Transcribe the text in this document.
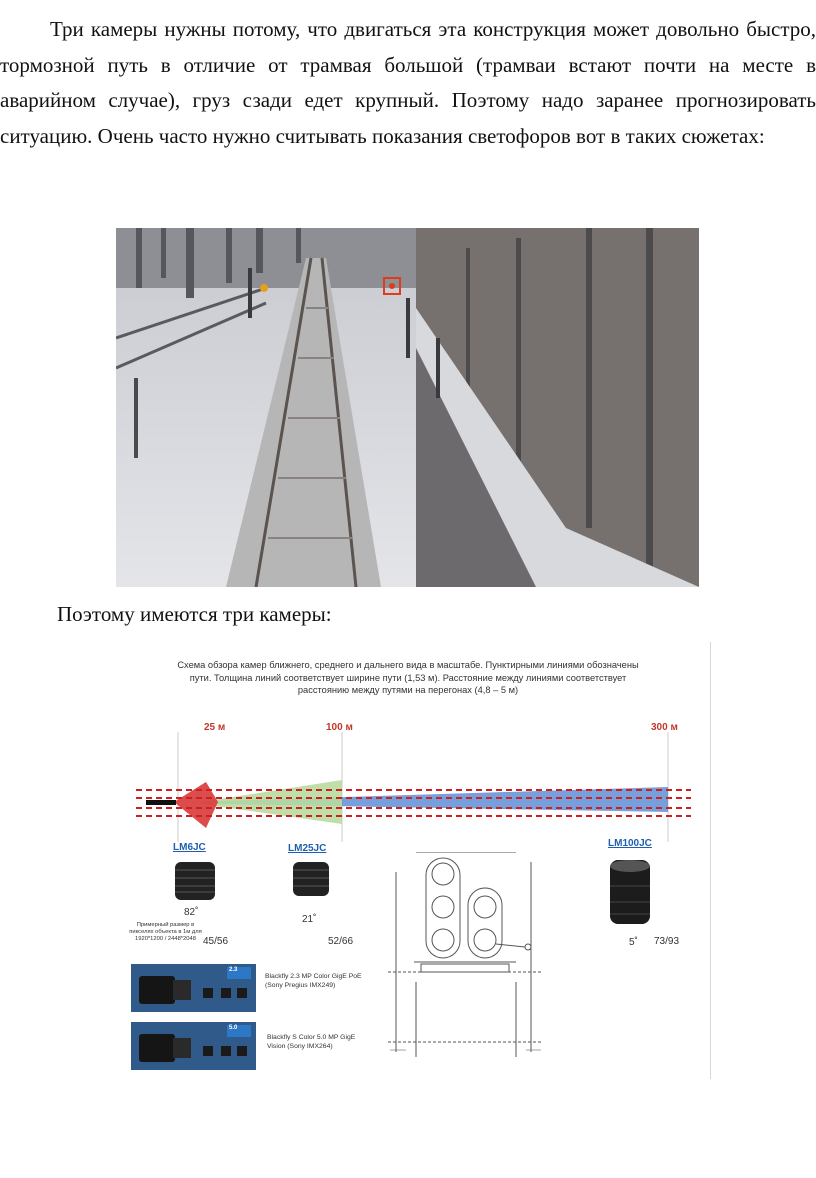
Три камеры нужны потому, что двигаться эта конструкция может довольно быстро, тормозной путь в отличие от трамвая большой (трамваи встают почти на месте в аварийном случае), груз сзади едет крупный. Поэтому надо заранее прогнозировать ситуацию. Очень часто нужно считывать показания светофоров вот в таких сюжетах:
Поэтому имеются три камеры:
Схема обзора камер ближнего, среднего и дальнего вида в масштабе. Пунктирными линиями обозначены
пути. Толщина линий соответствует ширине пути (1,53 м). Расстояние между линиями соответствует
расстоянию между путями на перегонах (4,8 – 5 м)
25 м	100 м	300 м
LM6JC	LM25JC	LM100JC
82˚
21˚
5˚
Примерный размер в пикселях объекта в 1м для 1920*1200 / 2448*2048 45/56	52/66	73/93
2.3
Blackfly 2.3 MP Color GigE PoE (Sony Pregius IMX249)
5.0
Blackfly S Color 5.0 MP GigE Vision (Sony IMX264)
